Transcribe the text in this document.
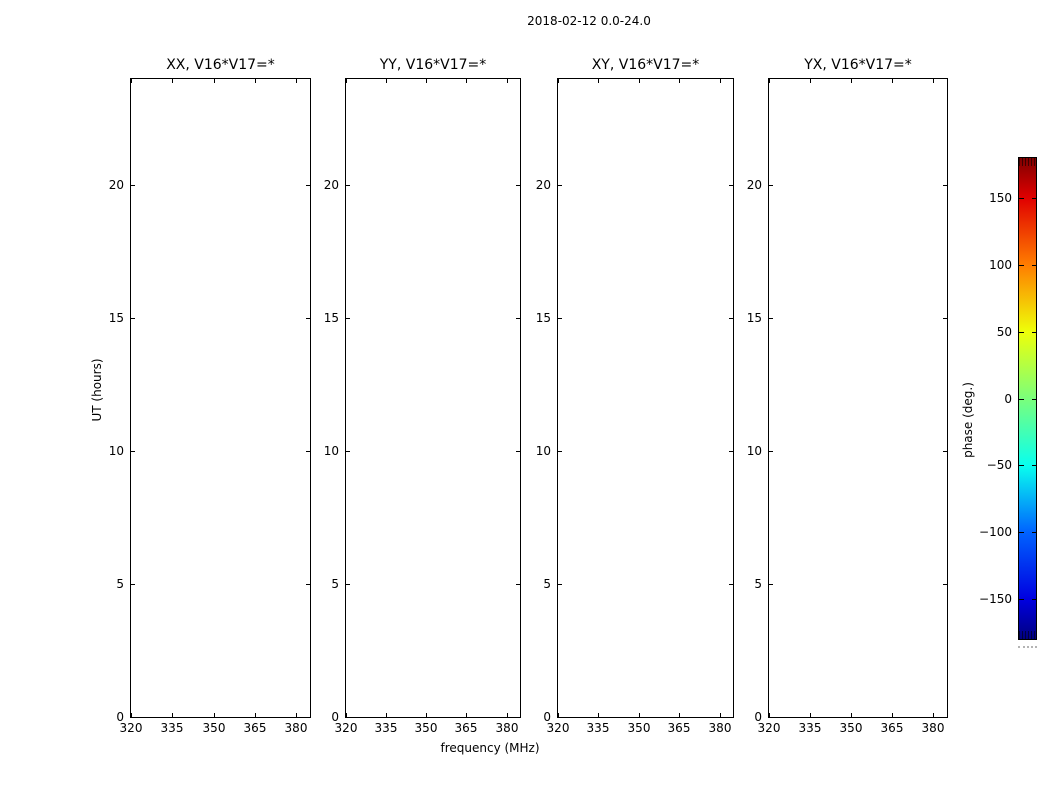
2018-02-12 0.0-24.0
XX, V16*V17=*
320 335 350 365 380
0
5
10
15
20
YY, V16*V17=*
320 335 350 365 380
0
5
10
15
20
XY, V16*V17=*
320 335 350 365 380
0
5
10
15
20
YX, V16*V17=*
320 335 350 365 380
0
5
10
15
20
UT (hours)
frequency (MHz)
150
100
50
0
−50
−100
−150
phase (deg.)
